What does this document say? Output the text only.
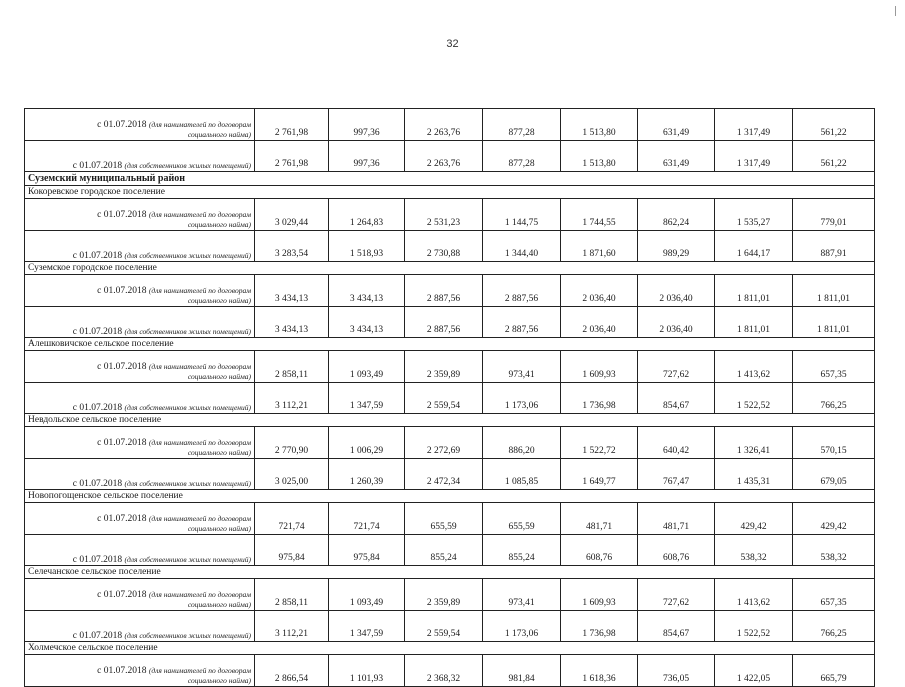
32
с 01.07.2018 (для нанимателей по договорам
социального найма)	2 761,98	997,36	2 263,76	877,28	1 513,80	631,49	1 317,49	561,22
с 01.07.2018 (для собственников жилых помещений)	2 761,98	997,36	2 263,76	877,28	1 513,80	631,49	1 317,49	561,22
Суземский муниципальный район								
Кокоревское городское поселение								
с 01.07.2018 (для нанимателей по договорам
социального найма)	3 029,44	1 264,83	2 531,23	1 144,75	1 744,55	862,24	1 535,27	779,01
с 01.07.2018 (для собственников жилых помещений)	3 283,54	1 518,93	2 730,88	1 344,40	1 871,60	989,29	1 644,17	887,91
Суземское городское поселение								
с 01.07.2018 (для нанимателей по договорам
социального найма)	3 434,13	3 434,13	2 887,56	2 887,56	2 036,40	2 036,40	1 811,01	1 811,01
с 01.07.2018 (для собственников жилых помещений)	3 434,13	3 434,13	2 887,56	2 887,56	2 036,40	2 036,40	1 811,01	1 811,01
Алешковичское сельское поселение								
с 01.07.2018 (для нанимателей по договорам
социального найма)	2 858,11	1 093,49	2 359,89	973,41	1 609,93	727,62	1 413,62	657,35
с 01.07.2018 (для собственников жилых помещений)	3 112,21	1 347,59	2 559,54	1 173,06	1 736,98	854,67	1 522,52	766,25
Невдольское сельское поселение								
с 01.07.2018 (для нанимателей по договорам
социального найма)	2 770,90	1 006,29	2 272,69	886,20	1 522,72	640,42	1 326,41	570,15
с 01.07.2018 (для собственников жилых помещений)	3 025,00	1 260,39	2 472,34	1 085,85	1 649,77	767,47	1 435,31	679,05
Новопогощенское сельское поселение								
с 01.07.2018 (для нанимателей по договорам
социального найма)	721,74	721,74	655,59	655,59	481,71	481,71	429,42	429,42
с 01.07.2018 (для собственников жилых помещений)	975,84	975,84	855,24	855,24	608,76	608,76	538,32	538,32
Селечанское сельское поселение								
с 01.07.2018 (для нанимателей по договорам
социального найма)	2 858,11	1 093,49	2 359,89	973,41	1 609,93	727,62	1 413,62	657,35
с 01.07.2018 (для собственников жилых помещений)	3 112,21	1 347,59	2 559,54	1 173,06	1 736,98	854,67	1 522,52	766,25
Холмечское сельское поселение								
с 01.07.2018 (для нанимателей по договорам
социального найма)	2 866,54	1 101,93	2 368,32	981,84	1 618,36	736,05	1 422,05	665,79
